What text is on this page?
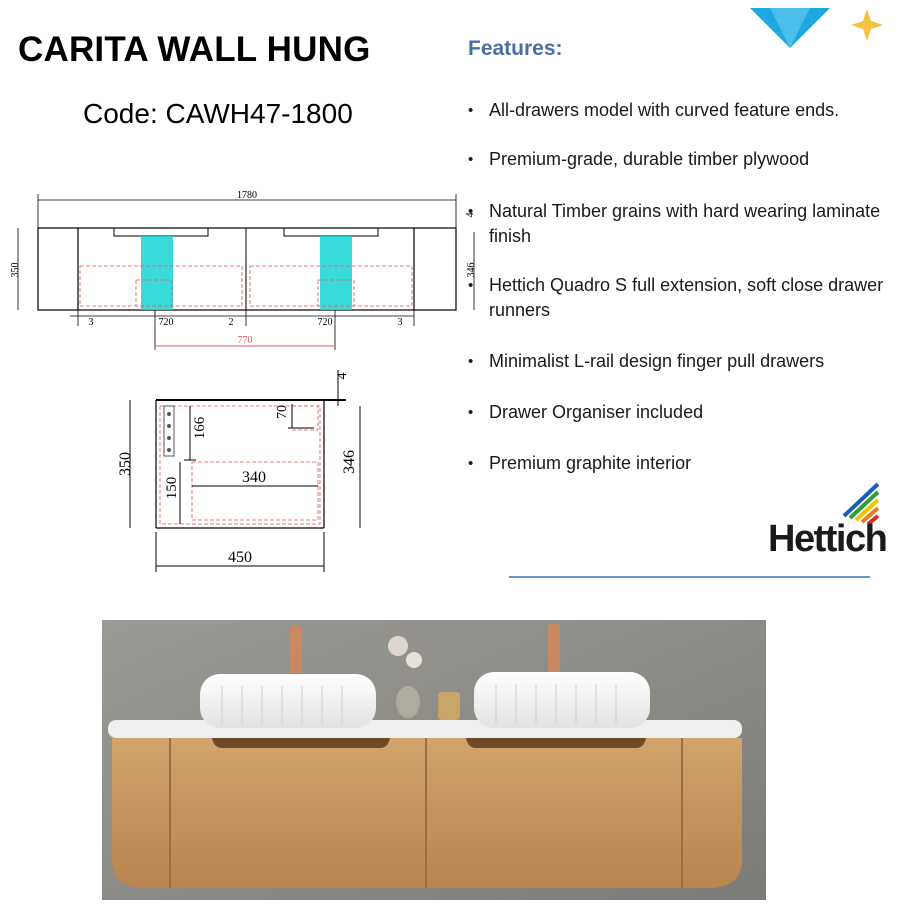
CARITA WALL HUNG
Code: CAWH47-1800
1780
4
350	346
3	720	2	720	3
770
4
350	346
166
70
340
150
450
Features:
• All-drawers model with curved feature ends.
• Premium-grade, durable timber plywood
• Natural Timber grains with hard wearing laminate finish
• Hettich Quadro S full extension, soft close drawer runners
• Minimalist L-rail design finger pull drawers
• Drawer Organiser included
• Premium graphite interior
Hettich
